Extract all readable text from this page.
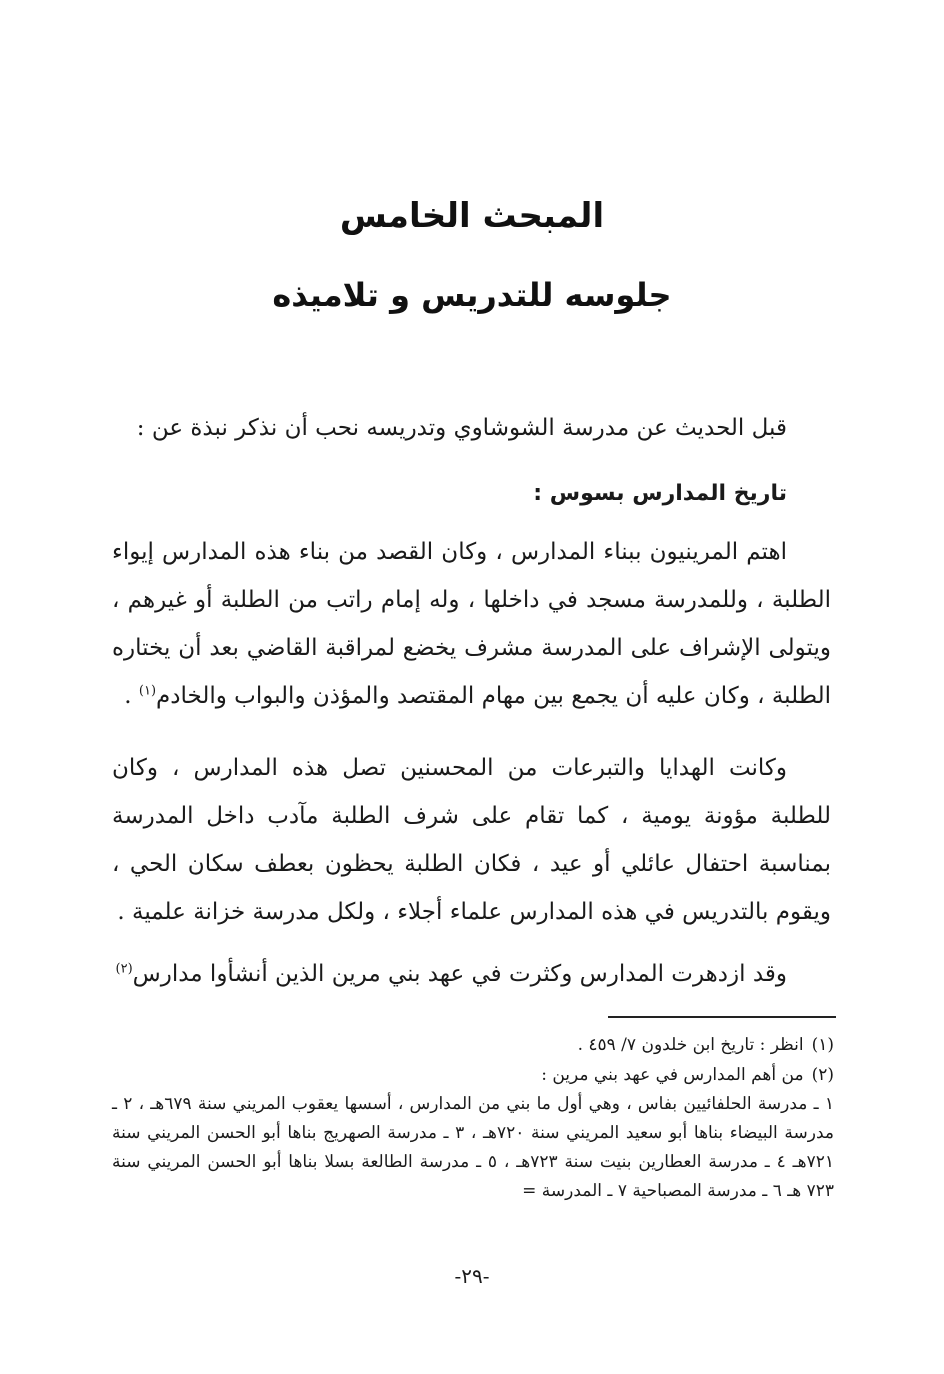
المبحث الخامس
جلوسه للتدريس و تلاميذه
قبل الحديث عن مدرسة الشوشاوي وتدريسه نحب أن نذكر نبذة عن :
تاريخ المدارس بسوس :
اهتم المرينيون ببناء المدارس ، وكان القصد من بناء هذه المدارس إيواء الطلبة ، وللمدرسة مسجد في داخلها ، وله إمام راتب من الطلبة أو غيرهم ، ويتولى الإشراف على المدرسة مشرف يخضع لمراقبة القاضي بعد أن يختاره الطلبة ، وكان عليه أن يجمع بين مهام المقتصد والمؤذن والبواب والخادم$^{(١)}$ .
وكانت الهدايا والتبرعات من المحسنين تصل هذه المدارس ، وكان للطلبة مؤونة يومية ، كما تقام على شرف الطلبة مآدب داخل المدرسة بمناسبة احتفال عائلي أو عيد ، فكان الطلبة يحظون بعطف سكان الحي ، ويقوم بالتدريس في هذه المدارس علماء أجلاء ، ولكل مدرسة خزانة علمية .
وقد ازدهرت المدارس وكثرت في عهد بني مرين الذين أنشأوا مدارس$^{(٢)}$
(١)انظر : تاريخ ابن خلدون ٧/ ٤٥٩ .
(٢)من أهم المدارس في عهد بني مرين :
١ ـ مدرسة الحلفائيين بفاس ، وهي أول ما بني من المدارس ، أسسها يعقوب المريني سنة ٦٧٩هـ ، ٢ ـ مدرسة البيضاء بناها أبو سعيد المريني سنة ٧٢٠هـ ، ٣ ـ مدرسة الصهريج بناها أبو الحسن المريني سنة ٧٢١هـ ٤ ـ مدرسة العطارين بنيت سنة ٧٢٣هـ ، ٥ ـ مدرسة الطالعة بسلا بناها أبو الحسن المريني سنة ٧٢٣ هـ ٦ ـ مدرسة المصباحية ٧ ـ المدرسة =
-٢٩-
